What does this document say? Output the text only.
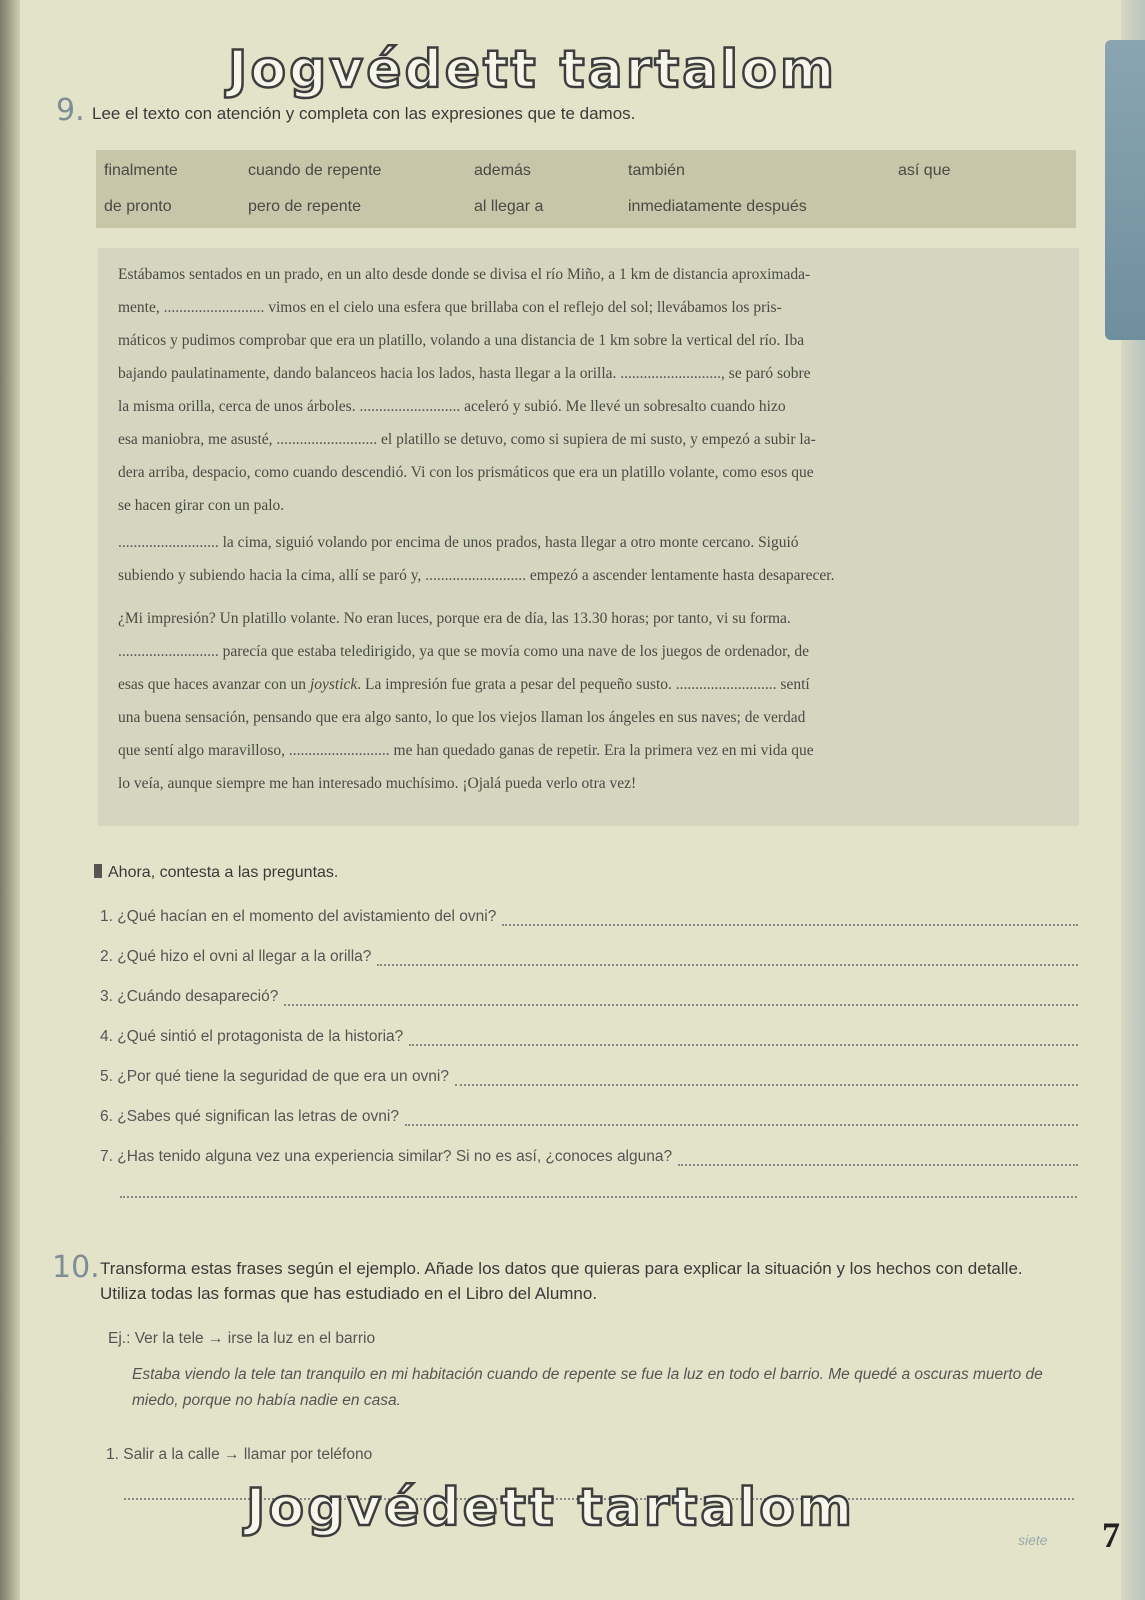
Jogvédett tartalom
9. Lee el texto con atención y completa con las expresiones que te damos.
finalmente	cuando de repente	además	también	así que
de pronto	pero de repente	al llegar a	inmediatamente después
Estábamos sentados en un prado, en un alto desde donde se divisa el río Miño, a 1 km de distancia aproximada-
mente, .......................... vimos en el cielo una esfera que brillaba con el reflejo del sol; llevábamos los pris-
máticos y pudimos comprobar que era un platillo, volando a una distancia de 1 km sobre la vertical del río. Iba
bajando paulatinamente, dando balanceos hacia los lados, hasta llegar a la orilla. .........................., se paró sobre
la misma orilla, cerca de unos árboles. .......................... aceleró y subió. Me llevé un sobresalto cuando hizo
esa maniobra, me asusté, .......................... el platillo se detuvo, como si supiera de mi susto, y empezó a subir la-
dera arriba, despacio, como cuando descendió. Vi con los prismáticos que era un platillo volante, como esos que
se hacen girar con un palo.
.......................... la cima, siguió volando por encima de unos prados, hasta llegar a otro monte cercano. Siguió
subiendo y subiendo hacia la cima, allí se paró y, .......................... empezó a ascender lentamente hasta desaparecer.
¿Mi impresión? Un platillo volante. No eran luces, porque era de día, las 13.30 horas; por tanto, vi su forma.
.......................... parecía que estaba teledirigido, ya que se movía como una nave de los juegos de ordenador, de
esas que haces avanzar con un joystick. La impresión fue grata a pesar del pequeño susto. .......................... sentí
una buena sensación, pensando que era algo santo, lo que los viejos llaman los ángeles en sus naves; de verdad
que sentí algo maravilloso, .......................... me han quedado ganas de repetir. Era la primera vez en mi vida que
lo veía, aunque siempre me han interesado muchísimo. ¡Ojalá pueda verlo otra vez!
Ahora, contesta a las preguntas.
1. ¿Qué hacían en el momento del avistamiento del ovni?
2. ¿Qué hizo el ovni al llegar a la orilla?
3. ¿Cuándo desapareció?
4. ¿Qué sintió el protagonista de la historia?
5. ¿Por qué tiene la seguridad de que era un ovni?
6. ¿Sabes qué significan las letras de ovni?
7. ¿Has tenido alguna vez una experiencia similar? Si no es así, ¿conoces alguna?
10. Transforma estas frases según el ejemplo. Añade los datos que quieras para explicar la situación y los hechos con detalle. Utiliza todas las formas que has estudiado en el Libro del Alumno.
Ej.: Ver la tele → irse la luz en el barrio
Estaba viendo la tele tan tranquilo en mi habitación cuando de repente se fue la luz en todo el barrio. Me quedé a oscuras muerto de miedo, porque no había nadie en casa.
1. Salir a la calle → llamar por teléfono
Jogvédett tartalom
siete 7
